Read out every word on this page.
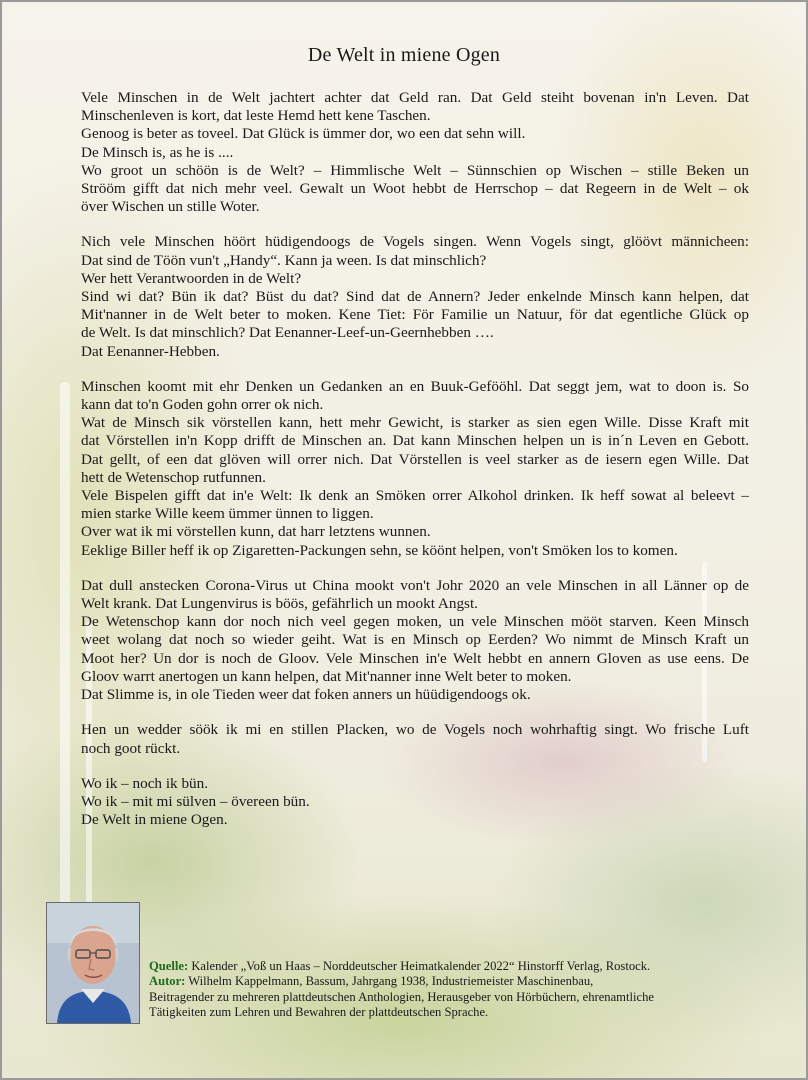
De Welt in miene Ogen

Vele Minschen in de Welt jachtert achter dat Geld ran. Dat Geld steiht bovenan in'n Leven. Dat
Minschenleven is kort, dat leste Hemd hett kene Taschen.
Genoog is beter as toveel. Dat Glück is ümmer dor, wo een dat sehn will.
De Minsch is, as he is ....
Wo groot un schöön is de Welt? – Himmlische Welt – Sünnschien op Wischen – stille Beken un
Strööm gifft dat nich mehr veel. Gewalt un Woot hebbt de Herrschop – dat Regeern in de Welt – ok
över Wischen un stille Woter.

Nich vele Minschen höört hüdigendoogs de Vogels singen. Wenn Vogels singt, glöövt männicheen:
Dat sind de Töön vun't „Handy“. Kann ja ween. Is dat minschlich?
Wer hett Verantwoorden in de Welt?
Sind wi dat? Bün ik dat? Büst du dat? Sind dat de Annern? Jeder enkelnde Minsch kann helpen, dat
Mit'nanner in de Welt beter to moken. Kene Tiet: För Familie un Natuur, för dat egentliche Glück op
de Welt. Is dat minschlich? Dat Eenanner-Leef-un-Geernhebben ….
Dat Eenanner-Hebben.

Minschen koomt mit ehr Denken un Gedanken an en Buuk-Gefööhl. Dat seggt jem, wat to doon is. So
kann dat to'n Goden gohn orrer ok nich.
Wat de Minsch sik vörstellen kann, hett mehr Gewicht, is starker as sien egen Wille. Disse Kraft mit
dat Vörstellen in'n Kopp drifft de Minschen an. Dat kann Minschen helpen un is in´n Leven en Gebott.
Dat gellt, of een dat glöven will orrer nich. Dat Vörstellen is veel starker as de iesern egen Wille. Dat
hett de Wetenschop rutfunnen.
Vele Bispelen gifft dat in'e Welt: Ik denk an Smöken orrer Alkohol drinken. Ik heff sowat al beleevt –
mien starke Wille keem ümmer ünnen to liggen.
Over wat ik mi vörstellen kunn, dat harr letztens wunnen.
Eeklige Biller heff ik op Zigaretten-Packungen sehn, se köönt helpen, von't Smöken los to komen.

Dat dull anstecken Corona-Virus ut China mookt von't Johr 2020 an vele Minschen in all Länner op de
Welt krank. Dat Lungenvirus is böös, gefährlich un mookt Angst.
De Wetenschop kann dor noch nich veel gegen moken, un vele Minschen mööt starven. Keen Minsch
weet wolang dat noch so wieder geiht. Wat is en Minsch op Eerden? Wo nimmt de Minsch Kraft un
Moot her? Un dor is noch de Gloov. Vele Minschen in'e Welt hebbt en annern Gloven as use eens. De
Gloov warrt anertogen un kann helpen, dat Mit'nanner inne Welt beter to moken.
Dat Slimme is, in ole Tieden weer dat foken anners un hüüdigendoogs ok.

Hen un wedder söök ik mi en stillen Placken, wo de Vogels noch wohrhaftig singt. Wo frische Luft
noch goot rückt.

Wo ik – noch ik bün.
Wo ik – mit mi sülven – övereen bün.
De Welt in miene Ogen.

Quelle: Kalender „Voß un Haas – Norddeutscher Heimatkalender 2022“ Hinstorff Verlag, Rostock.
Autor: Wilhelm Kappelmann, Bassum, Jahrgang 1938, Industriemeister Maschinenbau,
Beitragender zu mehreren plattdeutschen Anthologien, Herausgeber von Hörbüchern, ehrenamtliche
Tätigkeiten zum Lehren und Bewahren der plattdeutschen Sprache.
